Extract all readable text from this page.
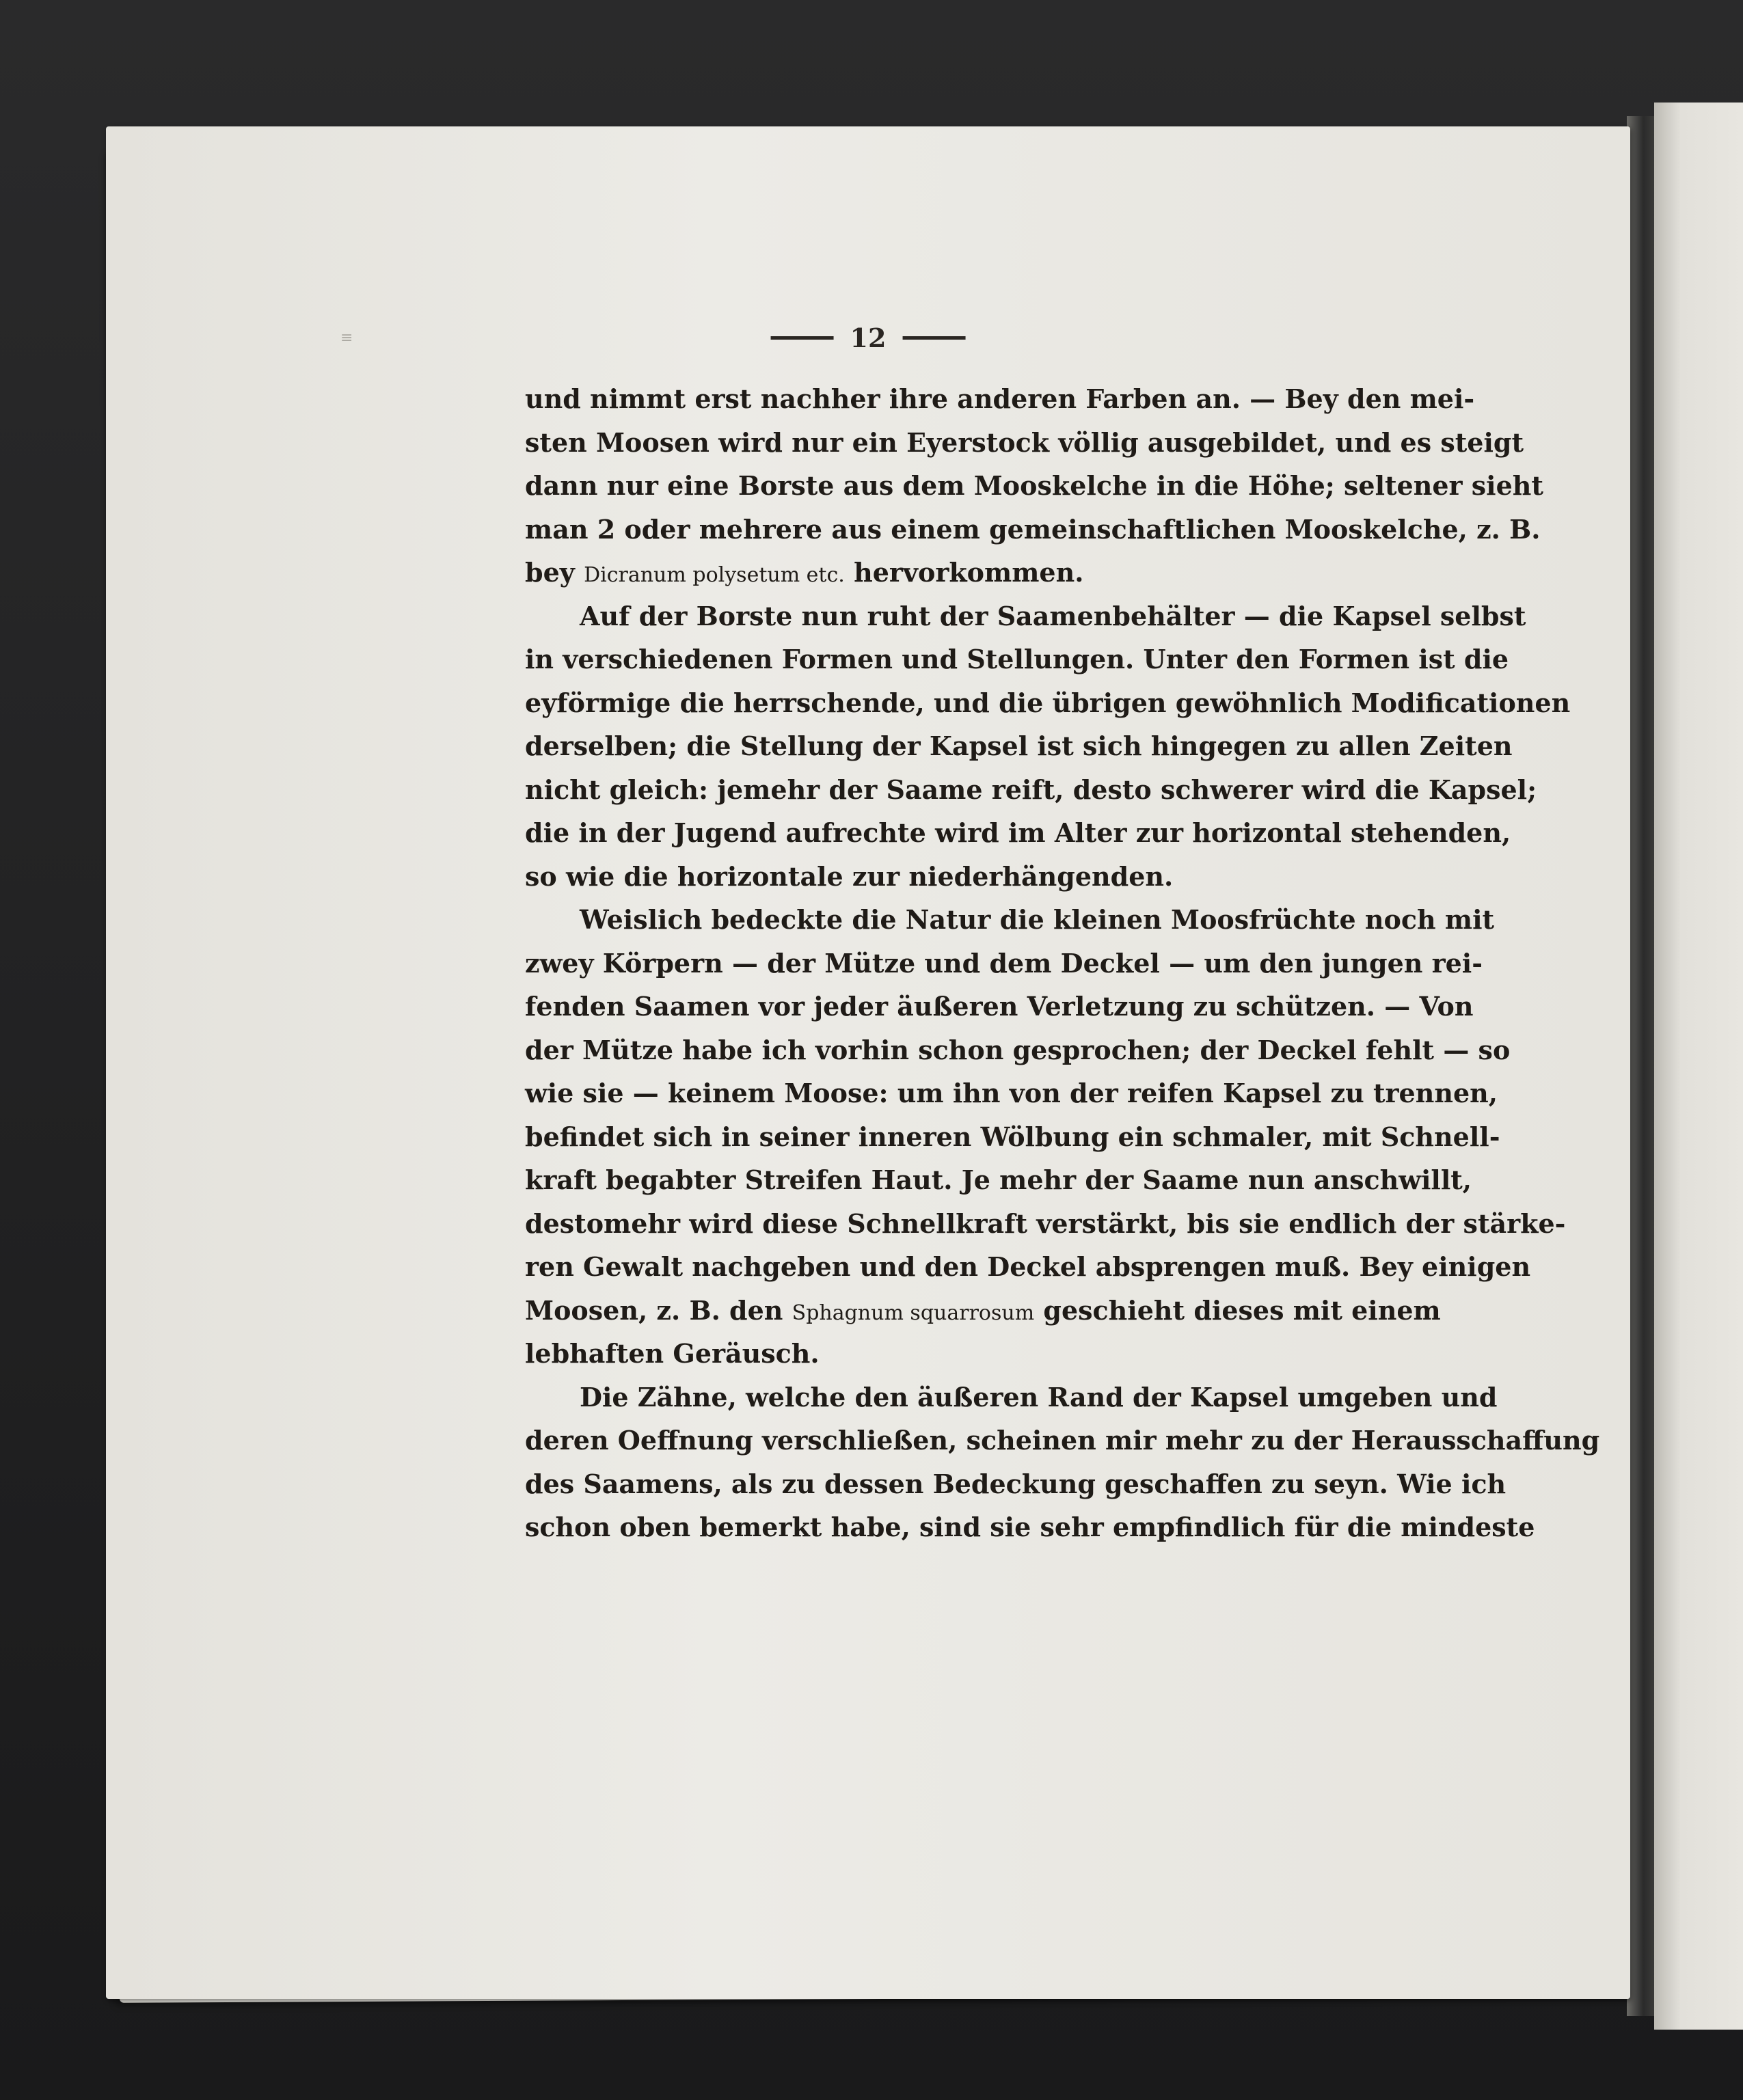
≡	12
und nimmt erst nachher ihre anderen Farben an. — Bey den mei-
sten Moosen wird nur ein Eyerstock völlig ausgebildet, und es steigt
dann nur eine Borste aus dem Mooskelche in die Höhe; seltener sieht
man 2 oder mehrere aus einem gemeinschaftlichen Mooskelche, z. B.
bey Dicranum polysetum etc. hervorkommen.
Auf der Borste nun ruht der Saamenbehälter — die Kapsel selbst
in verschiedenen Formen und Stellungen. Unter den Formen ist die
eyförmige die herrschende, und die übrigen gewöhnlich Modificationen
derselben; die Stellung der Kapsel ist sich hingegen zu allen Zeiten
nicht gleich: jemehr der Saame reift, desto schwerer wird die Kapsel;
die in der Jugend aufrechte wird im Alter zur horizontal stehenden,
so wie die horizontale zur niederhängenden.
Weislich bedeckte die Natur die kleinen Moosfrüchte noch mit
zwey Körpern — der Mütze und dem Deckel — um den jungen rei-
fenden Saamen vor jeder äußeren Verletzung zu schützen. — Von
der Mütze habe ich vorhin schon gesprochen; der Deckel fehlt — so
wie sie — keinem Moose: um ihn von der reifen Kapsel zu trennen,
befindet sich in seiner inneren Wölbung ein schmaler, mit Schnell-
kraft begabter Streifen Haut. Je mehr der Saame nun anschwillt,
destomehr wird diese Schnellkraft verstärkt, bis sie endlich der stärke-
ren Gewalt nachgeben und den Deckel absprengen muß. Bey einigen
Moosen, z. B. den Sphagnum squarrosum geschieht dieses mit einem
lebhaften Geräusch.
Die Zähne, welche den äußeren Rand der Kapsel umgeben und
deren Oeffnung verschließen, scheinen mir mehr zu der Herausschaffung
des Saamens, als zu dessen Bedeckung geschaffen zu seyn. Wie ich
schon oben bemerkt habe, sind sie sehr empfindlich für die mindeste
